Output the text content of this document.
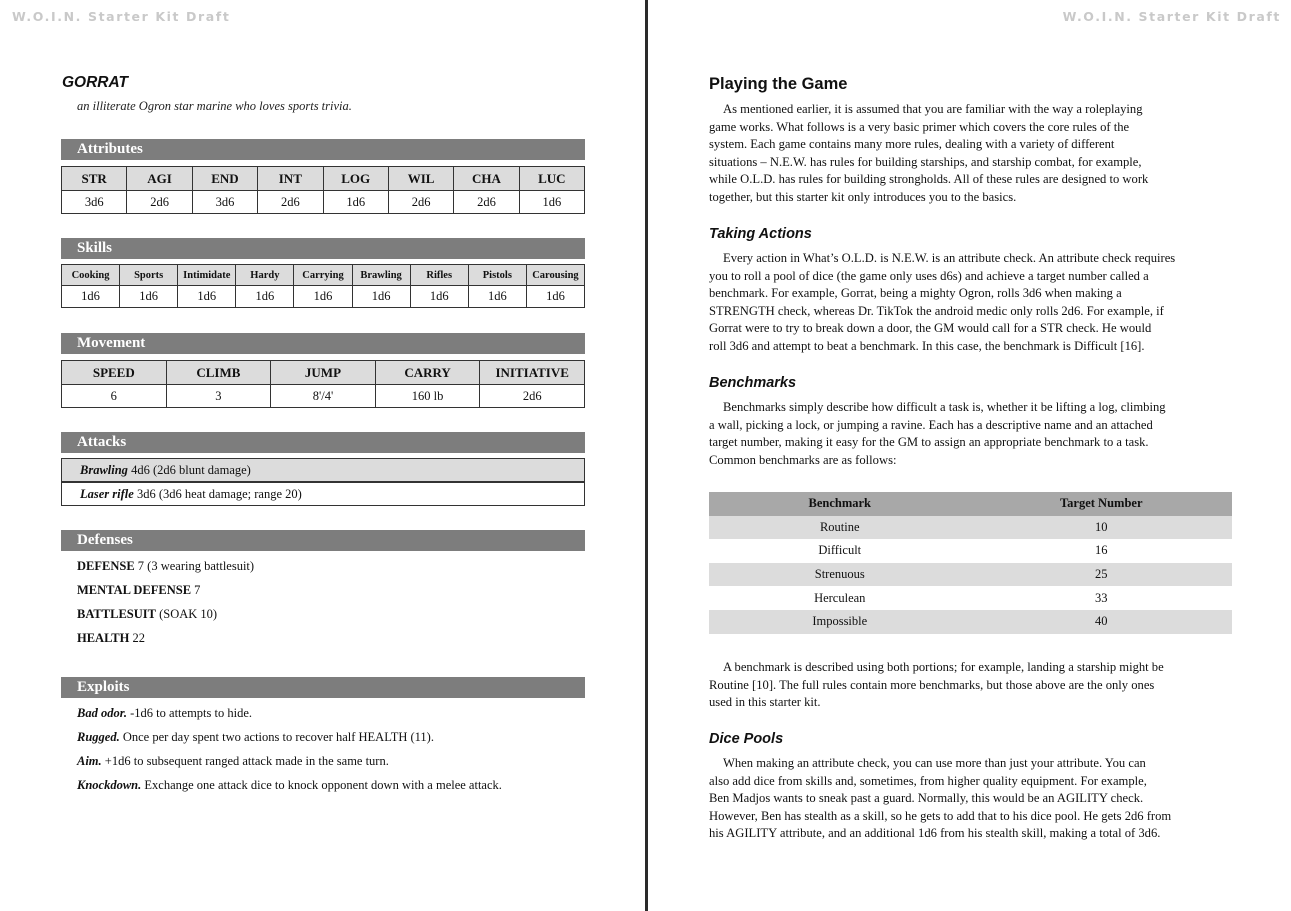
W.O.I.N. Starter Kit Draft
GORRAT
an illiterate Ogron star marine who loves sports trivia.
Attributes
STR	AGI	END	INT	LOG	WIL	CHA	LUC
3d6	2d6	3d6	2d6	1d6	2d6	2d6	1d6
Skills
Cooking	Sports	Intimidate	Hardy	Carrying	Brawling	Rifles	Pistols	Carousing
1d6	1d6	1d6	1d6	1d6	1d6	1d6	1d6	1d6
Movement
SPEED	CLIMB	JUMP	CARRY	INITIATIVE
6	3	8'/4'	160 lb	2d6
Attacks
Brawling 4d6 (2d6 blunt damage)
Laser rifle 3d6 (3d6 heat damage; range 20)
Defenses
DEFENSE 7 (3 wearing battlesuit)
MENTAL DEFENSE 7
BATTLESUIT (SOAK 10)
HEALTH 22
Exploits
Bad odor. -1d6 to attempts to hide.
Rugged. Once per day spent two actions to recover half HEALTH (11).
Aim. +1d6 to subsequent ranged attack made in the same turn.
Knockdown. Exchange one attack dice to knock opponent down with a melee attack.
W.O.I.N. Starter Kit Draft
Playing the Game
As mentioned earlier, it is assumed that you are familiar with the way a roleplaying
game works. What follows is a very basic primer which covers the core rules of the
system. Each game contains many more rules, dealing with a variety of different
situations – N.E.W. has rules for building starships, and starship combat, for example,
while O.L.D. has rules for building strongholds. All of these rules are designed to work
together, but this starter kit only introduces you to the basics.
Taking Actions
Every action in What’s O.L.D. is N.E.W. is an attribute check. An attribute check requires
you to roll a pool of dice (the game only uses d6s) and achieve a target number called a
benchmark. For example, Gorrat, being a mighty Ogron, rolls 3d6 when making a
STRENGTH check, whereas Dr. TikTok the android medic only rolls 2d6. For example, if
Gorrat were to try to break down a door, the GM would call for a STR check. He would
roll 3d6 and attempt to beat a benchmark. In this case, the benchmark is Difficult [16].
Benchmarks
Benchmarks simply describe how difficult a task is, whether it be lifting a log, climbing
a wall, picking a lock, or jumping a ravine. Each has a descriptive name and an attached
target number, making it easy for the GM to assign an appropriate benchmark to a task.
Common benchmarks are as follows:
Benchmark	Target Number
Routine	10
Difficult	16
Strenuous	25
Herculean	33
Impossible	40
A benchmark is described using both portions; for example, landing a starship might be
Routine [10]. The full rules contain more benchmarks, but those above are the only ones
used in this starter kit.
Dice Pools
When making an attribute check, you can use more than just your attribute. You can
also add dice from skills and, sometimes, from higher quality equipment. For example,
Ben Madjos wants to sneak past a guard. Normally, this would be an AGILITY check.
However, Ben has stealth as a skill, so he gets to add that to his dice pool. He gets 2d6 from
his AGILITY attribute, and an additional 1d6 from his stealth skill, making a total of 3d6.
